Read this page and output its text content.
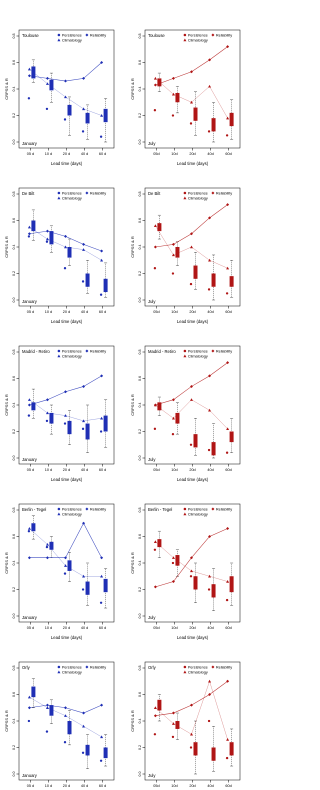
0.0
0.2
0.4
0.6
0.8
05 d	10 d	20 d	40 d	60 d
Lead time (days)
CRPSS & R
Toulouse
January
Persistence Reliability
Climatology
0.0
0.2
0.4
0.6
0.8
05d	10d	20d	40d	60d
Lead time (days)
CRPSS & R
Toulouse
July
Persistence Reliability
Climatology
0.0
0.2
0.4
0.6
0.8
05 d	10 d	20 d	40 d	60 d
Lead time (days)
CRPSS & R
De Bilt
January
Persistence Reliability
Climatology
0.0
0.2
0.4
0.6
0.8
05d	10d	20d	40d	60d
Lead time (days)
CRPSS & R
De Bilt
July
Persistence Reliability
Climatology
0.0
0.2
0.4
0.6
0.8
05 d	10 d	20 d	40 d	60 d
Lead time (days)
CRPSS & R
Madrid - Retiro
January
Persistence Reliability
Climatology
0.0
0.2
0.4
0.6
0.8
05d	10d	20d	40d	60d
Lead time (days)
CRPSS & R
Madrid - Retiro
July
Persistence Reliability
Climatology
0.0
0.2
0.4
0.6
0.8
05 d	10 d	20 d	40 d	60 d
Lead time (days)
CRPSS & R
Berlin - Tegel
January
Persistence Reliability
Climatology
0.0
0.2
0.4
0.6
0.8
05d	10d	20d	40d	60d
Lead time (days)
CRPSS & R
Berlin - Tegel
July
Persistence Reliability
Climatology
0.0
0.2
0.4
0.6
0.8
05 d	10 d	20 d	40 d	60 d
CRPSS & R
Orly
January
Persistence Reliability
Climatology
0.0
0.2
0.4
0.6
0.8
05d	10d	20d	40d	60d
CRPSS & R
Orly
July
Persistence Reliability
Climatology
